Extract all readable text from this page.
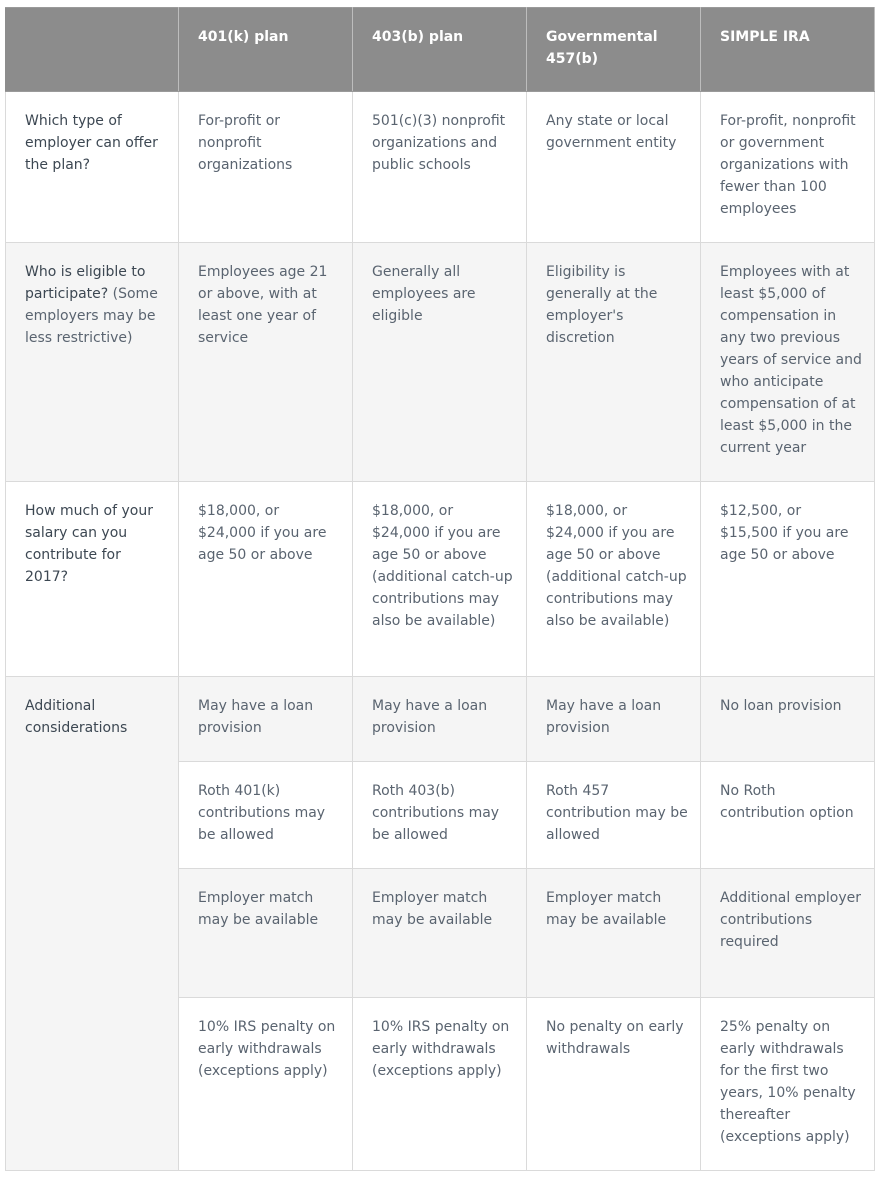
	401(k) plan	403(b) plan	Governmental 457(b)	SIMPLE IRA
Which type of employer can offer the plan?	For-profit or nonprofit organizations	501(c)(3) nonprofit organizations and public schools	Any state or local government entity	For-profit, nonprofit or government organizations with fewer than 100 employees
Who is eligible to participate? (Some employers may be less restrictive)	Employees age 21 or above, with at least one year of service	Generally all employees are eligible	Eligibility is generally at the employer's discretion	Employees with at least $5,000 of compensation in any two previous years of service and who anticipate compensation of at least $5,000 in the current year
How much of your salary can you contribute for 2017?	$18,000, or $24,000 if you are age 50 or above	$18,000, or $24,000 if you are age 50 or above (additional catch-up contributions may also be available)	$18,000, or $24,000 if you are age 50 or above (additional catch-up contributions may also be available)	$12,500, or $15,500 if you are age 50 or above
Additional considerations	May have a loan provision	May have a loan provision	May have a loan provision	No loan provision
	Roth 401(k) contributions may be allowed	Roth 403(b) contributions may be allowed	Roth 457 contribution may be allowed	No Roth contribution option
	Employer match may be available	Employer match may be available	Employer match may be available	Additional employer contributions required
	10% IRS penalty on early withdrawals (exceptions apply)	10% IRS penalty on early withdrawals (exceptions apply)	No penalty on early withdrawals	25% penalty on early withdrawals for the first two years, 10% penalty thereafter (exceptions apply)
